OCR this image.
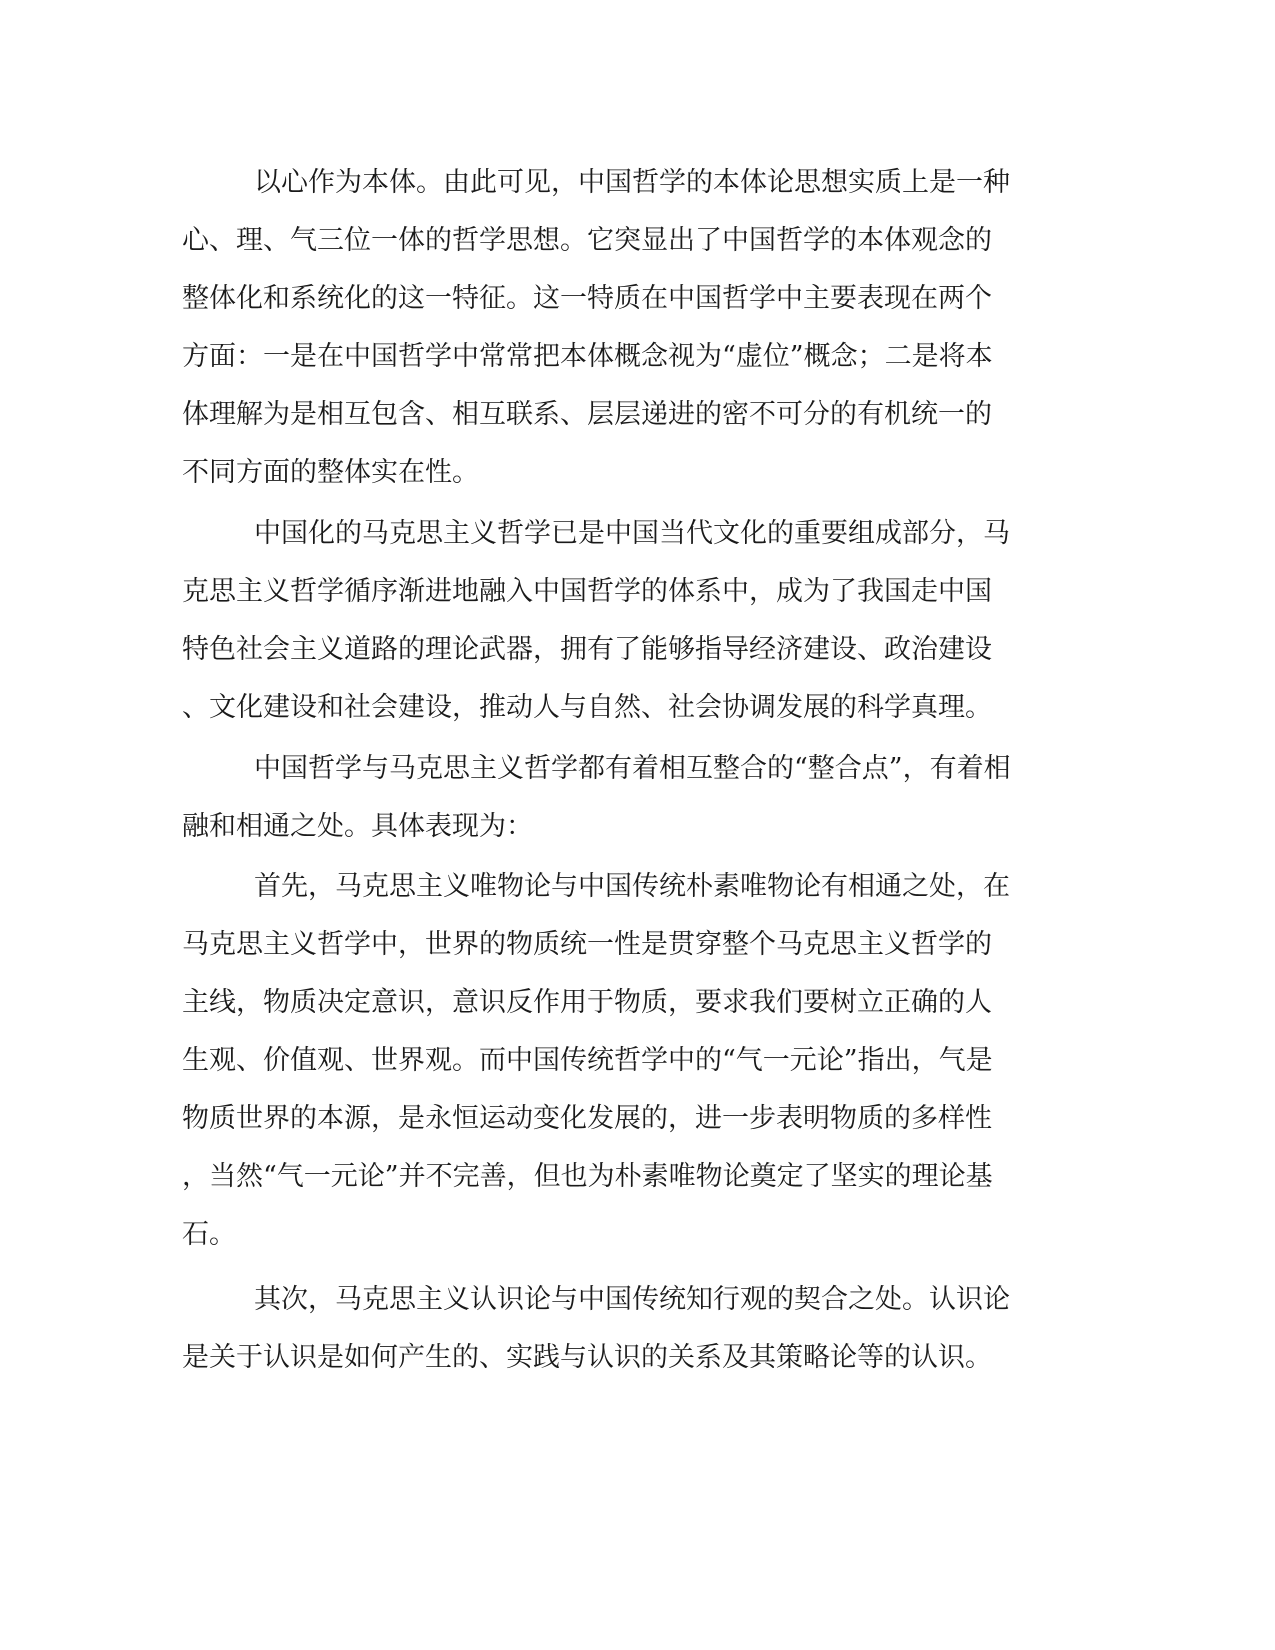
以心作为本体。由此可见，中国哲学的本体论思想实质上是一种
心、理、气三位一体的哲学思想。它突显出了中国哲学的本体观念的
整体化和系统化的这一特征。这一特质在中国哲学中主要表现在两个
方面：一是在中国哲学中常常把本体概念视为“虚位”概念；二是将本
体理解为是相互包含、相互联系、层层递进的密不可分的有机统一的
不同方面的整体实在性。
中国化的马克思主义哲学已是中国当代文化的重要组成部分，马
克思主义哲学循序渐进地融入中国哲学的体系中，成为了我国走中国
特色社会主义道路的理论武器，拥有了能够指导经济建设、政治建设
、文化建设和社会建设，推动人与自然、社会协调发展的科学真理。
中国哲学与马克思主义哲学都有着相互整合的“整合点”，有着相
融和相通之处。具体表现为：
首先，马克思主义唯物论与中国传统朴素唯物论有相通之处，在
马克思主义哲学中，世界的物质统一性是贯穿整个马克思主义哲学的
主线，物质决定意识，意识反作用于物质，要求我们要树立正确的人
生观、价值观、世界观。而中国传统哲学中的“气一元论”指出，气是
物质世界的本源，是永恒运动变化发展的，进一步表明物质的多样性
，当然“气一元论”并不完善，但也为朴素唯物论奠定了坚实的理论基
石。
其次，马克思主义认识论与中国传统知行观的契合之处。认识论
是关于认识是如何产生的、实践与认识的关系及其策略论等的认识。
